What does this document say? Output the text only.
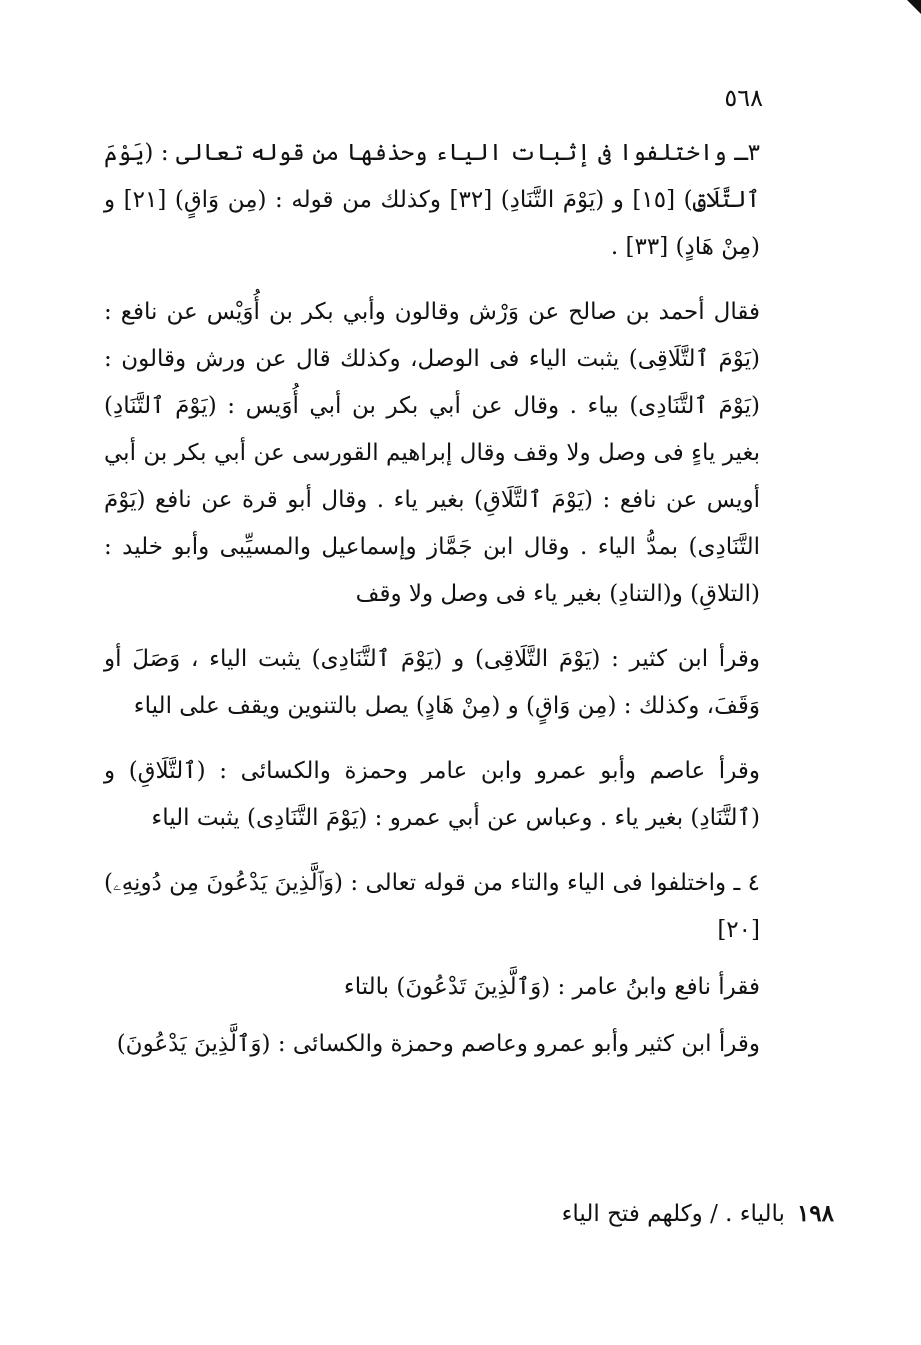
٥٦٨

٣ـ واختلفوا فى إثبات الياء وحذفها من قوله تعالى : (يَوْمَ ٱلتَّلَاقِ) [١٥] و (يَوْمَ التَّنَادِ) [٣٢] وكذلك من قوله : (مِن وَاقٍ) [٢١] و (مِنْ هَادٍ) [٣٣] .

فقال أحمد بن صالح عن وَرْش وقالون وأبي بكر بن أُوَيْس عن نافع : (يَوْمَ ٱلتَّلَاقِى) يثبت الياء فى الوصل، وكذلك قال عن ورش وقالون : (يَوْمَ ٱلتَّنَادِى) بياء . وقال عن أبي بكر بن أبي أُوَيس : (يَوْمَ ٱلتَّنَادِ) بغير ياءٍ فى وصل ولا وقف وقال إبراهيم القورسى عن أبي بكر بن أبي أويس عن نافع : (يَوْمَ ٱلتَّلَاقِ) بغير ياء . وقال أبو قرة عن نافع (يَوْمَ التَّنَادِى) بمدُّ الياء . وقال ابن جَمَّاز وإسماعيل والمسيِّبى وأبو خليد : (التلاقِ) و(التنادِ) بغير ياء فى وصل ولا وقف

وقرأ ابن كثير : (يَوْمَ التَّلَاقِى) و (يَوْمَ ٱلتَّنَادِى) يثبت الياء ، وَصَلَ أو وَقَفَ، وكذلك : (مِن وَاقٍ) و (مِنْ هَادٍ) يصل بالتنوين ويقف على الياء

وقرأ عاصم وأبو عمرو وابن عامر وحمزة والكسائى : (ٱلتَّلَاقِ) و (ٱلتَّنَادِ) بغير ياء . وعباس عن أبي عمرو : (يَوْمَ التَّنَادِى) يثبت الياء

٤ ـ واختلفوا فى الياء والتاء من قوله تعالى : (وَٱلَّذِينَ يَدْعُونَ مِن دُونِهِۦ) [٢٠]

فقرأ نافع وابنُ عامر : (وَٱلَّذِينَ تَدْعُونَ) بالتاء

وقرأ ابن كثير وأبو عمرو وعاصم وحمزة والكسائى : (وَٱلَّذِينَ يَدْعُونَ)

١٩٨
بالياء . / وكلهم فتح الياء
